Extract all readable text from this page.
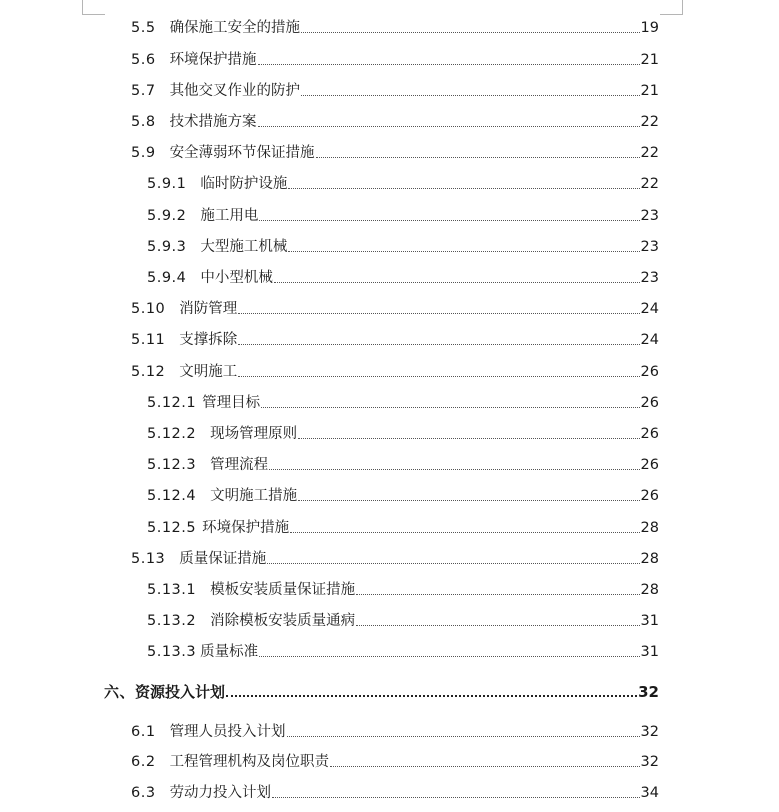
5.5 确保施工安全的措施	19
5.6 环境保护措施	21
5.7 其他交叉作业的防护	21
5.8 技术措施方案	22
5.9 安全薄弱环节保证措施	22
5.9.1 临时防护设施	22
5.9.2 施工用电	23
5.9.3 大型施工机械	23
5.9.4 中小型机械	23
5.10 消防管理	24
5.11 支撑拆除	24
5.12 文明施工	26
5.12.1 管理目标	26
5.12.2 现场管理原则	26
5.12.3 管理流程	26
5.12.4 文明施工措施	26
5.12.5 环境保护措施	28
5.13 质量保证措施	28
5.13.1 模板安装质量保证措施	28
5.13.2 消除模板安装质量通病	31
5.13.3 质量标准	31
六、 资源投入计划	32
6.1 管理人员投入计划	32
6.2 工程管理机构及岗位职责	32
6.3 劳动力投入计划	34
